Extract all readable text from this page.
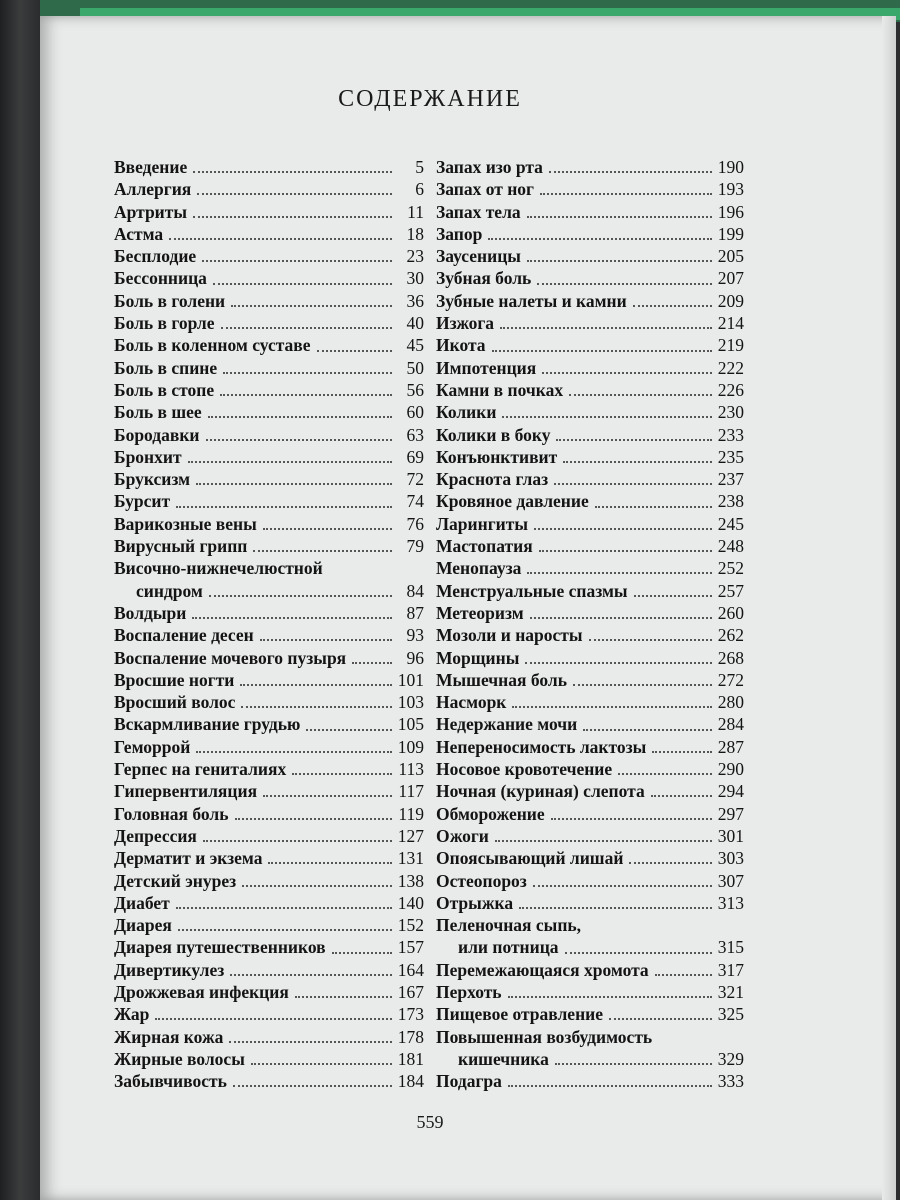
СОДЕРЖАНИЕ
Введение	5
Аллергия	6
Артриты	11
Астма	18
Бесплодие	23
Бессонница	30
Боль в голени	36
Боль в горле	40
Боль в коленном суставе	45
Боль в спине	50
Боль в стопе	56
Боль в шее	60
Бородавки	63
Бронхит	69
Бруксизм	72
Бурсит	74
Варикозные вены	76
Вирусный грипп	79
Височно-нижнечелюстной
синдром	84
Волдыри	87
Воспаление десен	93
Воспаление мочевого пузыря	96
Вросшие ногти	101
Вросший волос	103
Вскармливание грудью	105
Геморрой	109
Герпес на гениталиях	113
Гипервентиляция	117
Головная боль	119
Депрессия	127
Дерматит и экзема	131
Детский энурез	138
Диабет	140
Диарея	152
Диарея путешественников	157
Дивертикулез	164
Дрожжевая инфекция	167
Жар	173
Жирная кожа	178
Жирные волосы	181
Забывчивость	184
Запах изо рта	190
Запах от ног	193
Запах тела	196
Запор	199
Заусеницы	205
Зубная боль	207
Зубные налеты и камни	209
Изжога	214
Икота	219
Импотенция	222
Камни в почках	226
Колики	230
Колики в боку	233
Конъюнктивит	235
Краснота глаз	237
Кровяное давление	238
Ларингиты	245
Мастопатия	248
Менопауза	252
Менструальные спазмы	257
Метеоризм	260
Мозоли и наросты	262
Морщины	268
Мышечная боль	272
Насморк	280
Недержание мочи	284
Непереносимость лактозы	287
Носовое кровотечение	290
Ночная (куриная) слепота	294
Обморожение	297
Ожоги	301
Опоясывающий лишай	303
Остеопороз	307
Отрыжка	313
Пеленочная сыпь,
или потница	315
Перемежающаяся хромота	317
Перхоть	321
Пищевое отравление	325
Повышенная возбудимость
кишечника	329
Подагра	333
559
